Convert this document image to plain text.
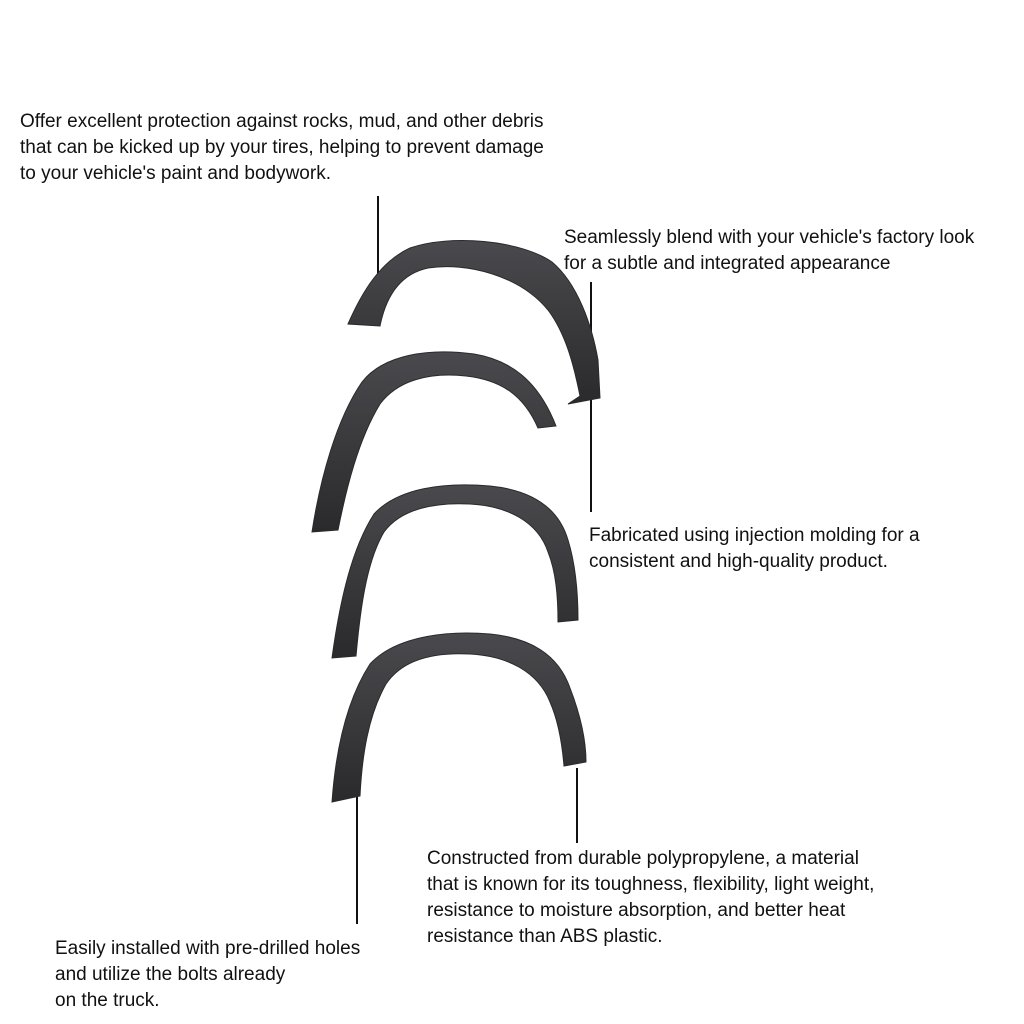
Offer excellent protection against rocks, mud, and other debris
that can be kicked up by your tires, helping to prevent damage
to your vehicle's paint and bodywork.

Seamlessly blend with your vehicle's factory look
for a subtle and integrated appearance

Fabricated using injection molding for a
consistent and high-quality product.

Constructed from durable polypropylene, a material
that is known for its toughness, flexibility, light weight,
resistance to moisture absorption, and better heat
resistance than ABS plastic.

Easily installed with pre-drilled holes
and utilize the bolts already
on the truck.
